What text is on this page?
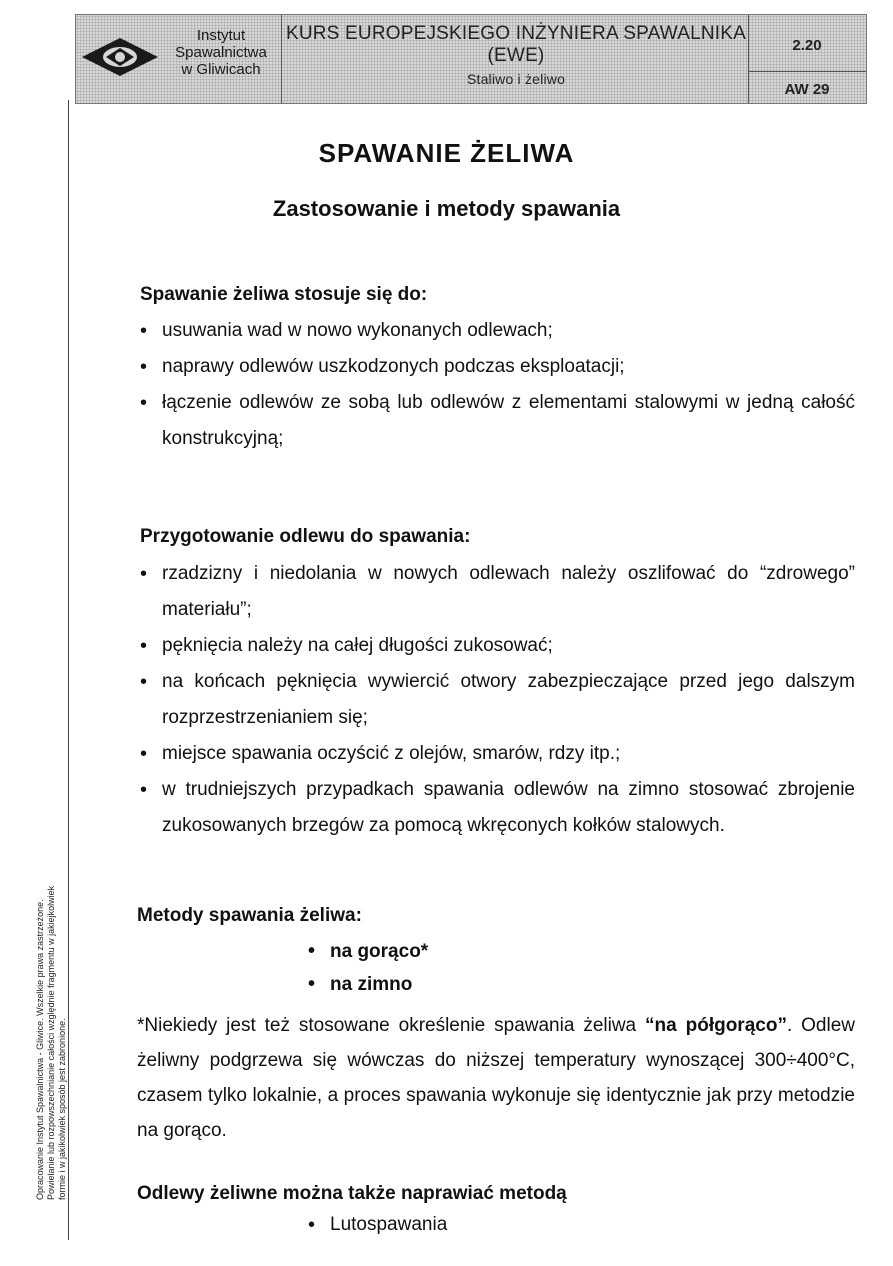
Instytut
Spawalnictwa
w Gliwicach
KURS EUROPEJSKIEGO INŻYNIERA SPAWALNIKA
(EWE)
Staliwo i żeliwo
2.20
AW 29
Opracowanie Instytut Spawalnictwa - Gliwice. Wszelkie prawa zastrzeżone. Powielanie lub rozpowszechnianie całości względnie fragmentu w jakiejkolwiek formie i w jakikolwiek sposób jest zabronione.
SPAWANIE ŻELIWA
Zastosowanie i metody spawania
Spawanie żeliwa stosuje się do:
• usuwania wad w nowo wykonanych odlewach;
• naprawy odlewów uszkodzonych podczas eksploatacji;
• łączenie odlewów ze sobą lub odlewów z elementami stalowymi w jedną całość konstrukcyjną;
Przygotowanie odlewu do spawania:
• rzadzizny i niedolania w nowych odlewach należy oszlifować do “zdrowego” materiału”;
• pęknięcia należy na całej długości zukosować;
• na końcach pęknięcia wywiercić otwory zabezpieczające przed jego dalszym rozprzestrzenianiem się;
• miejsce spawania oczyścić z olejów, smarów, rdzy itp.;
• w trudniejszych przypadkach spawania odlewów na zimno stosować zbrojenie zukosowanych brzegów za pomocą wkręconych kołków stalowych.
Metody spawania żeliwa:
• na gorąco*
• na zimno
*Niekiedy jest też stosowane określenie spawania żeliwa “na półgorąco”. Odlew żeliwny podgrzewa się wówczas do niższej temperatury wynoszącej 300÷400°C, czasem tylko lokalnie, a proces spawania wykonuje się identycznie jak przy metodzie na gorąco.
Odlewy żeliwne można także naprawiać metodą
• Lutospawania
